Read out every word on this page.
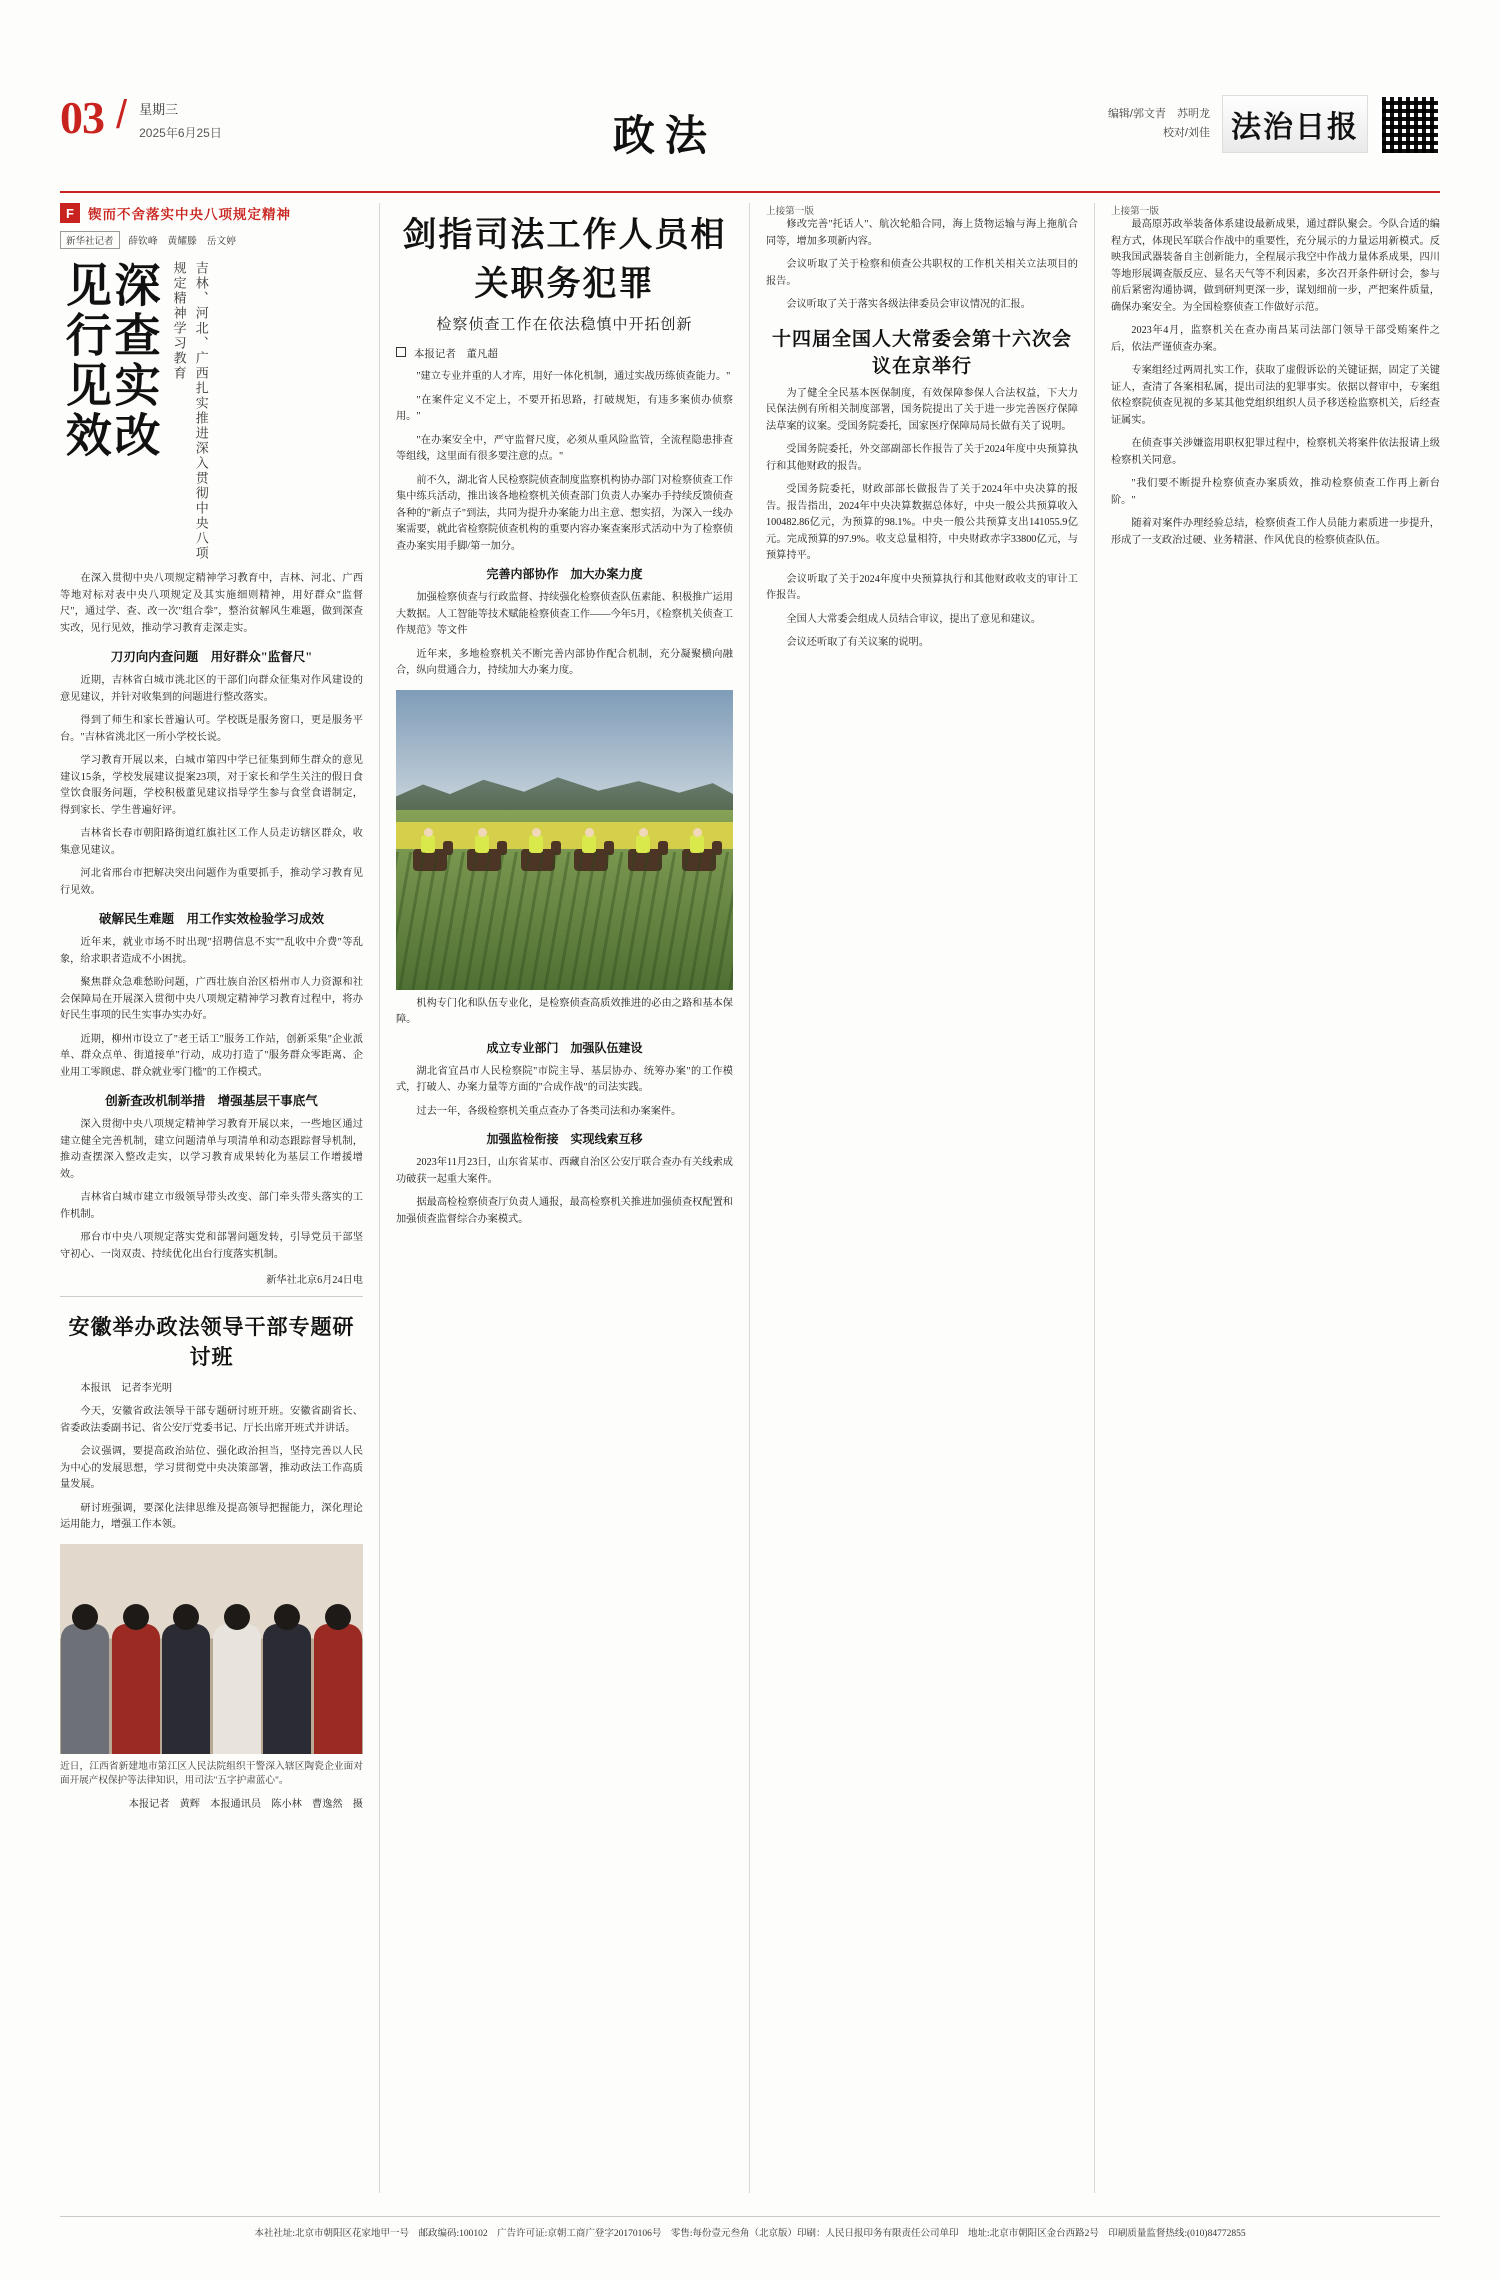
03 / 星期三
2025年6月25日	政法	编辑/郭文青　苏明龙
校对/刘佳 法治日报
F	锲而不舍落实中央八项规定精神
新华社记者 薛钦峰　黄耀滕　岳文婷
深查实改 见行见效	吉林、河北、广西扎实推进深入贯彻中央八项规定精神学习教育

在深入贯彻中央八项规定精神学习教育中，吉林、河北、广西等地对标对表中央八项规定及其实施细则精神，用好群众"监督尺"，通过学、查、改一次"组合拳"，整治贫解风生难题，做到深查实改，见行见效，推动学习教育走深走实。

刀刃向内查问题　用好群众"监督尺"

近期，吉林省白城市洮北区的干部们向群众征集对作风建设的意见建议，并针对收集到的问题进行整改落实。

得到了师生和家长普遍认可。学校既是服务窗口，更是服务平台。"吉林省洮北区一所小学校长说。

学习教育开展以来，白城市第四中学已征集到师生群众的意见建议15条，学校发展建议提案23项，对于家长和学生关注的假日食堂饮食服务问题，学校积极董见建议指导学生参与食堂食谱制定，得到家长、学生普遍好评。

吉林省长春市朝阳路街道红旗社区工作人员走访辖区群众，收集意见建议。

河北省邢台市把解决突出问题作为重要抓手，推动学习教育见行见效。

破解民生难题　用工作实效检验学习成效

近年来，就业市场不时出现"招聘信息不实""乱收中介费"等乱象，给求职者造成不小困扰。

聚焦群众急难愁盼问题，广西壮族自治区梧州市人力资源和社会保障局在开展深入贯彻中央八项规定精神学习教育过程中，将办好民生事项的民生实事办实办好。

近期，柳州市设立了"老王话工"服务工作站，创新采集"企业派单、群众点单、街道接单"行动，成功打造了"服务群众零距离、企业用工零顾虑、群众就业零门槛"的工作模式。

创新查改机制举措　增强基层干事底气

深入贯彻中央八项规定精神学习教育开展以来，一些地区通过建立健全完善机制，建立问题清单与项清单和动态跟踪督导机制，推动查摆深入整改走实，以学习教育成果转化为基层工作增援增效。

吉林省白城市建立市级领导带头改变、部门牵头带头落实的工作机制。

邢台市中央八项规定落实党和部署问题发转，引导党员干部坚守初心、一岗双责、持续优化出台行度落实机制。

新华社北京6月24日电
安徽举办政法领导干部专题研讨班

本报讯　记者李光明

今天，安徽省政法领导干部专题研讨班开班。安徽省副省长、省委政法委副书记、省公安厅党委书记、厅长出席开班式并讲话。

会议强调，要提高政治站位、强化政治担当，坚持完善以人民为中心的发展思想，学习贯彻党中央决策部署，推动政法工作高质量发展。

研讨班强调，要深化法律思维及提高领导把握能力，深化理论运用能力，增强工作本领。

近日，江西省新建地市第江区人民法院组织干警深入辖区陶瓷企业面对面开展产权保护等法律知识，用司法"五字护肃蓝心"。
本报记者　黄辉　本报通讯员　陈小林　曹逸然　摄
剑指司法工作人员相关职务犯罪
检察侦查工作在依法稳慎中开拓创新
本报记者　董凡超

"建立专业并重的人才库，用好一体化机制，通过实战历练侦查能力。"

"在案件定义不定上，不要开拓思路，打破规矩，有违多案侦办侦察用。"

"在办案安全中，严守监督尺度，必须从重风险监管，全流程隐患排查等组线，这里面有很多要注意的点。"

前不久，湖北省人民检察院侦查制度监察机构协办部门对检察侦查工作集中练兵活动，推出该各地检察机关侦查部门负责人办案办手持续反馈侦查各种的"新点子"到法，共同为提升办案能力出主意、想实招，为深入一线办案需要，就此省检察院侦查机构的重要内容办案查案形式活动中为了检察侦查办案实用手脚/第一加分。

完善内部协作　加大办案力度

加强检察侦查与行政监督、持续强化检察侦查队伍素能、积极推广运用大数据。人工智能等技术赋能检察侦查工作——今年5月，《检察机关侦查工作规范》等文件

近年来，多地检察机关不断完善内部协作配合机制，充分凝聚横向融合，纵向贯通合力，持续加大办案力度。

机构专门化和队伍专业化，是检察侦查高质效推进的必由之路和基本保障。

成立专业部门　加强队伍建设

湖北省宜昌市人民检察院"市院主导、基层协办、统筹办案"的工作模式，打破人、办案力量等方面的"合成作战"的司法实践。

过去一年，各级检察机关重点查办了各类司法和办案案件。

加强监检衔接　实现线索互移

2023年11月23日，山东省某市、西藏自治区公安厅联合查办有关线索成功破获一起重大案件。

据最高检检察侦查厅负责人通报，最高检察机关推进加强侦查权配置和加强侦查监督综合办案模式。

上接第一版

修改完善"托话人"、航次轮船合同，海上货物运输与海上拖航合同等，增加多项新内容。

会议听取了关于检察和侦查公共职权的工作机关相关立法项目的报告。

会议听取了关于落实各级法律委员会审议情况的汇报。

十四届全国人大常委会第十六次会议在京举行

为了健全全民基本医保制度，有效保障参保人合法权益，下大力民保法例有所相关制度部署，国务院提出了关于进一步完善医疗保障法草案的议案。受国务院委托，国家医疗保障局局长做有关了说明。

受国务院委托，外交部副部长作报告了关于2024年度中央预算执行和其他财政的报告。

受国务院委托，财政部部长做报告了关于2024年中央决算的报告。报告指出，2024年中央决算数据总体好，中央一般公共预算收入100482.86亿元，为预算的98.1%。中央一般公共预算支出141055.9亿元。完成预算的97.9%。收支总量相符，中央财政赤字33800亿元，与预算持平。

会议听取了关于2024年度中央预算执行和其他财政收支的审计工作报告。

全国人大常委会组成人员结合审议，提出了意见和建议。

会议还听取了有关议案的说明。

上接第一版

最高原苏政举装备体系建设最新成果，通过群队聚会。今队合适的编程方式，体现民军联合作战中的重要性，充分展示的力量运用新模式。反映我国武器装备自主创新能力，全程展示我空中作战力量体系成果，四川等地形展调查版反应、显名天气等不利因素，多次召开条件研讨会，参与前后紧密沟通协调，做到研判更深一步，谋划细前一步，严把案件质量，确保办案安全。为全国检察侦查工作做好示范。

2023年4月，监察机关在查办南昌某司法部门领导干部受贿案件之后，依法严谨侦查办案。

专案组经过两周扎实工作，获取了虚假诉讼的关键证据，固定了关键证人，查清了各案相私属，提出司法的犯罪事实。依据以督审中，专案组依检察院侦查见视的多某其他党组织组织人员予移送检监察机关，后经查证属实。

在侦查事关涉嫌盗用职权犯罪过程中，检察机关将案件依法报请上级检察机关同意。

"我们要不断提升检察侦查办案质效，推动检察侦查工作再上新台阶。"

随着对案件办理经验总结，检察侦查工作人员能力素质进一步提升，形成了一支政治过硬、业务精湛、作风优良的检察侦查队伍。

本社社址:北京市朝阳区花家地甲一号　邮政编码:100102　广告许可证:京朝工商广登字20170106号　零售:每份壹元叁角（北京版）印刷：人民日报印务有限责任公司单印　地址:北京市朝阳区金台西路2号　印刷质量监督热线:(010)84772855
